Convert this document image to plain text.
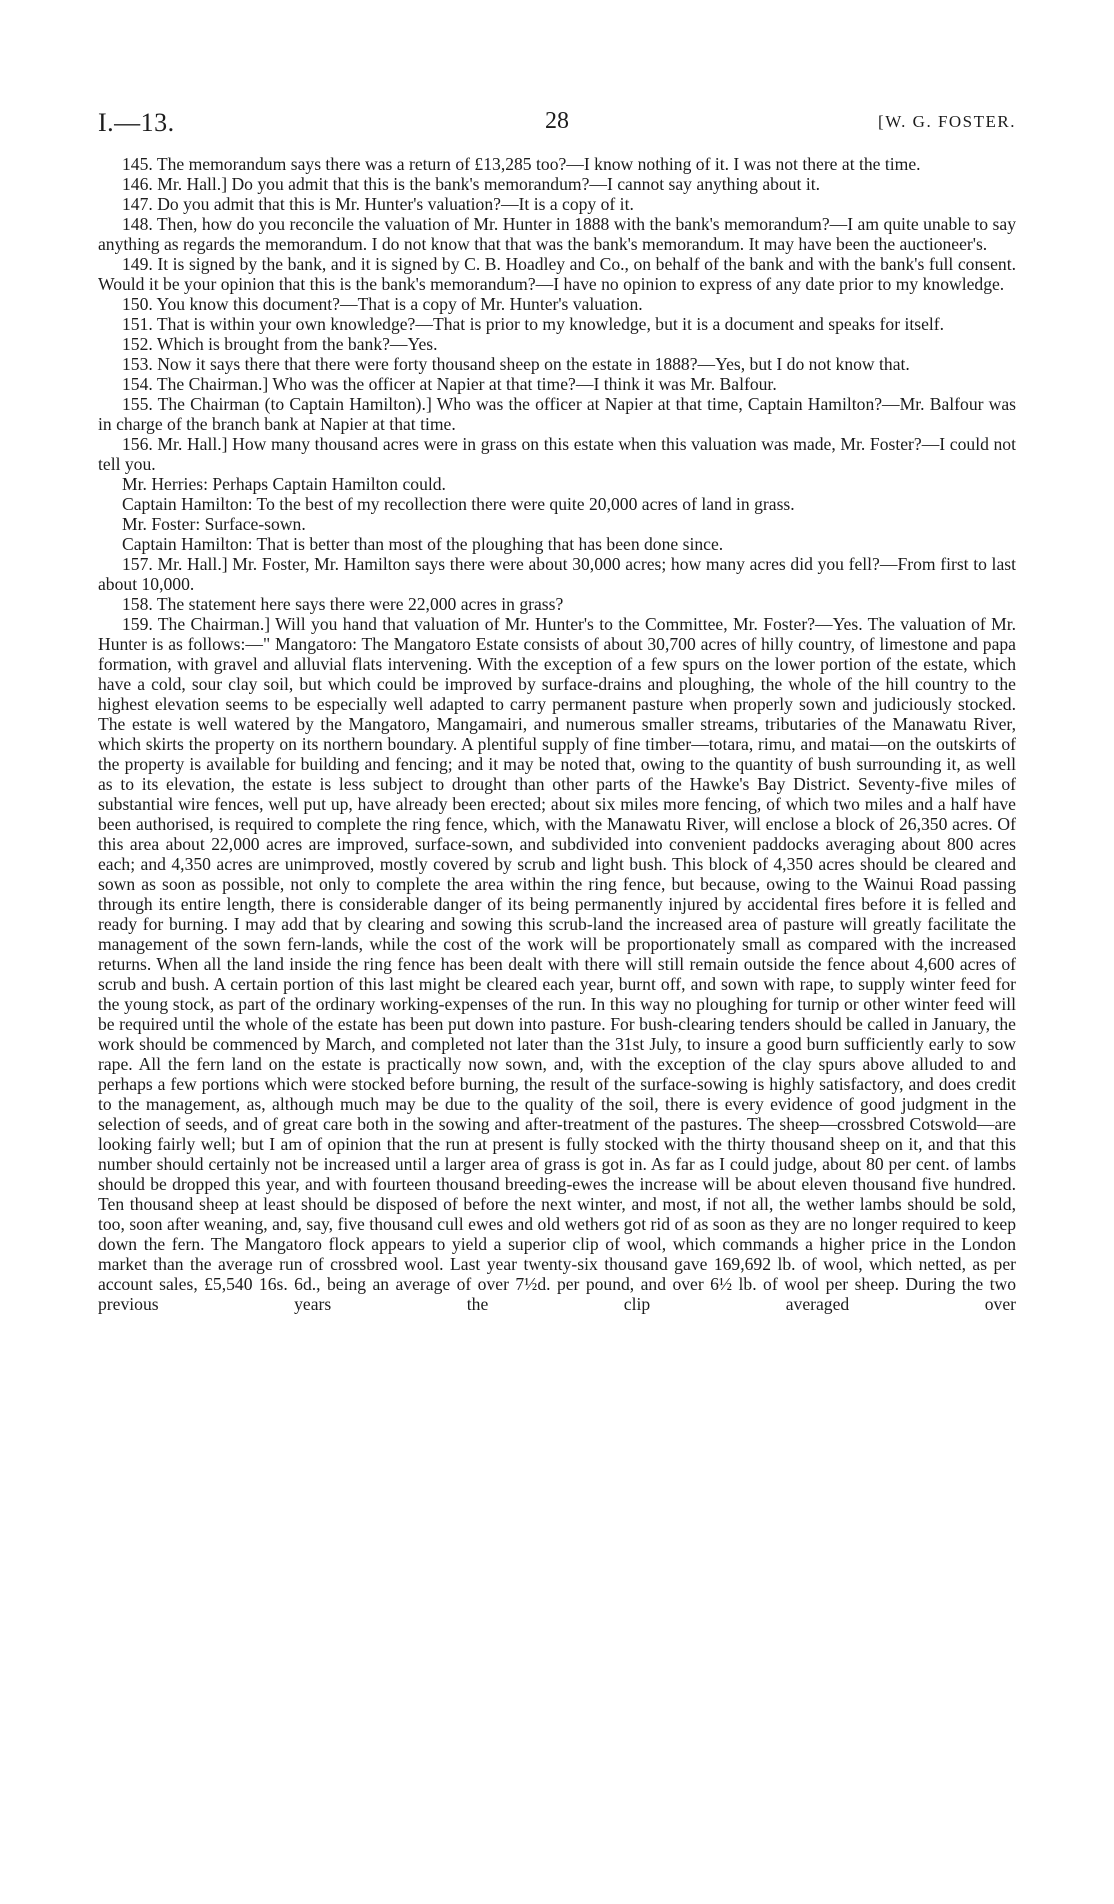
I.—13.	28	[W. G. FOSTER.

145. The memorandum says there was a return of £13,285 too?—I know nothing of it. I was not there at the time.

146. Mr. Hall.] Do you admit that this is the bank's memorandum?—I cannot say anything about it.

147. Do you admit that this is Mr. Hunter's valuation?—It is a copy of it.

148. Then, how do you reconcile the valuation of Mr. Hunter in 1888 with the bank's memorandum?—I am quite unable to say anything as regards the memorandum. I do not know that that was the bank's memorandum. It may have been the auctioneer's.

149. It is signed by the bank, and it is signed by C. B. Hoadley and Co., on behalf of the bank and with the bank's full consent. Would it be your opinion that this is the bank's memorandum?—I have no opinion to express of any date prior to my knowledge.

150. You know this document?—That is a copy of Mr. Hunter's valuation.

151. That is within your own knowledge?—That is prior to my knowledge, but it is a document and speaks for itself.

152. Which is brought from the bank?—Yes.

153. Now it says there that there were forty thousand sheep on the estate in 1888?—Yes, but I do not know that.

154. The Chairman.] Who was the officer at Napier at that time?—I think it was Mr. Balfour.

155. The Chairman (to Captain Hamilton).] Who was the officer at Napier at that time, Captain Hamilton?—Mr. Balfour was in charge of the branch bank at Napier at that time.

156. Mr. Hall.] How many thousand acres were in grass on this estate when this valuation was made, Mr. Foster?—I could not tell you.

Mr. Herries: Perhaps Captain Hamilton could.

Captain Hamilton: To the best of my recollection there were quite 20,000 acres of land in grass.

Mr. Foster: Surface-sown.

Captain Hamilton: That is better than most of the ploughing that has been done since.

157. Mr. Hall.] Mr. Foster, Mr. Hamilton says there were about 30,000 acres; how many acres did you fell?—From first to last about 10,000.

158. The statement here says there were 22,000 acres in grass?

159. The Chairman.] Will you hand that valuation of Mr. Hunter's to the Committee, Mr. Foster?—Yes. The valuation of Mr. Hunter is as follows:—" Mangatoro: The Mangatoro Estate consists of about 30,700 acres of hilly country, of limestone and papa formation, with gravel and alluvial flats intervening. With the exception of a few spurs on the lower portion of the estate, which have a cold, sour clay soil, but which could be improved by surface-drains and ploughing, the whole of the hill country to the highest elevation seems to be especially well adapted to carry permanent pasture when properly sown and judiciously stocked. The estate is well watered by the Mangatoro, Mangamairi, and numerous smaller streams, tributaries of the Manawatu River, which skirts the property on its northern boundary. A plentiful supply of fine timber—totara, rimu, and matai—on the outskirts of the property is available for building and fencing; and it may be noted that, owing to the quantity of bush surrounding it, as well as to its elevation, the estate is less subject to drought than other parts of the Hawke's Bay District. Seventy-five miles of substantial wire fences, well put up, have already been erected; about six miles more fencing, of which two miles and a half have been authorised, is required to complete the ring fence, which, with the Manawatu River, will enclose a block of 26,350 acres. Of this area about 22,000 acres are improved, surface-sown, and subdivided into convenient paddocks averaging about 800 acres each; and 4,350 acres are unimproved, mostly covered by scrub and light bush. This block of 4,350 acres should be cleared and sown as soon as possible, not only to complete the area within the ring fence, but because, owing to the Wainui Road passing through its entire length, there is considerable danger of its being permanently injured by accidental fires before it is felled and ready for burning. I may add that by clearing and sowing this scrub-land the increased area of pasture will greatly facilitate the management of the sown fern-lands, while the cost of the work will be proportionately small as compared with the increased returns. When all the land inside the ring fence has been dealt with there will still remain outside the fence about 4,600 acres of scrub and bush. A certain portion of this last might be cleared each year, burnt off, and sown with rape, to supply winter feed for the young stock, as part of the ordinary working-expenses of the run. In this way no ploughing for turnip or other winter feed will be required until the whole of the estate has been put down into pasture. For bush-clearing tenders should be called in January, the work should be commenced by March, and completed not later than the 31st July, to insure a good burn sufficiently early to sow rape. All the fern land on the estate is practically now sown, and, with the exception of the clay spurs above alluded to and perhaps a few portions which were stocked before burning, the result of the surface-sowing is highly satisfactory, and does credit to the management, as, although much may be due to the quality of the soil, there is every evidence of good judgment in the selection of seeds, and of great care both in the sowing and after-treatment of the pastures. The sheep—crossbred Cotswold—are looking fairly well; but I am of opinion that the run at present is fully stocked with the thirty thousand sheep on it, and that this number should certainly not be increased until a larger area of grass is got in. As far as I could judge, about 80 per cent. of lambs should be dropped this year, and with fourteen thousand breeding-ewes the increase will be about eleven thousand five hundred. Ten thousand sheep at least should be disposed of before the next winter, and most, if not all, the wether lambs should be sold, too, soon after weaning, and, say, five thousand cull ewes and old wethers got rid of as soon as they are no longer required to keep down the fern. The Mangatoro flock appears to yield a superior clip of wool, which commands a higher price in the London market than the average run of crossbred wool. Last year twenty-six thousand gave 169,692 lb. of wool, which netted, as per account sales, £5,540 16s. 6d., being an average of over 7½d. per pound, and over 6½ lb. of wool per sheep. During the two previous years the clip averaged over
